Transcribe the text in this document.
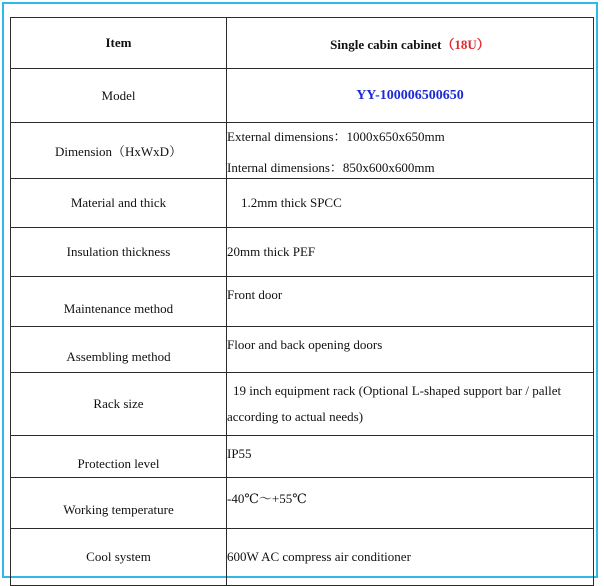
Item	Single cabin cabinet（18U）
Model	YY-100006500650
Dimension（HxWxD）	External dimensions：1000x650x650mm
Internal dimensions：850x600x600mm

Material and thick	1.2mm thick SPCC
Insulation thickness	20mm thick PEF
Maintenance method	Front door
Assembling method	Floor and back opening doors
Rack size	19 inch equipment rack (Optional L-shaped support bar / pallet
according to actual needs)

Protection level	IP55
Working temperature	-40℃～+55℃
Cool system	600W AC compress air conditioner
